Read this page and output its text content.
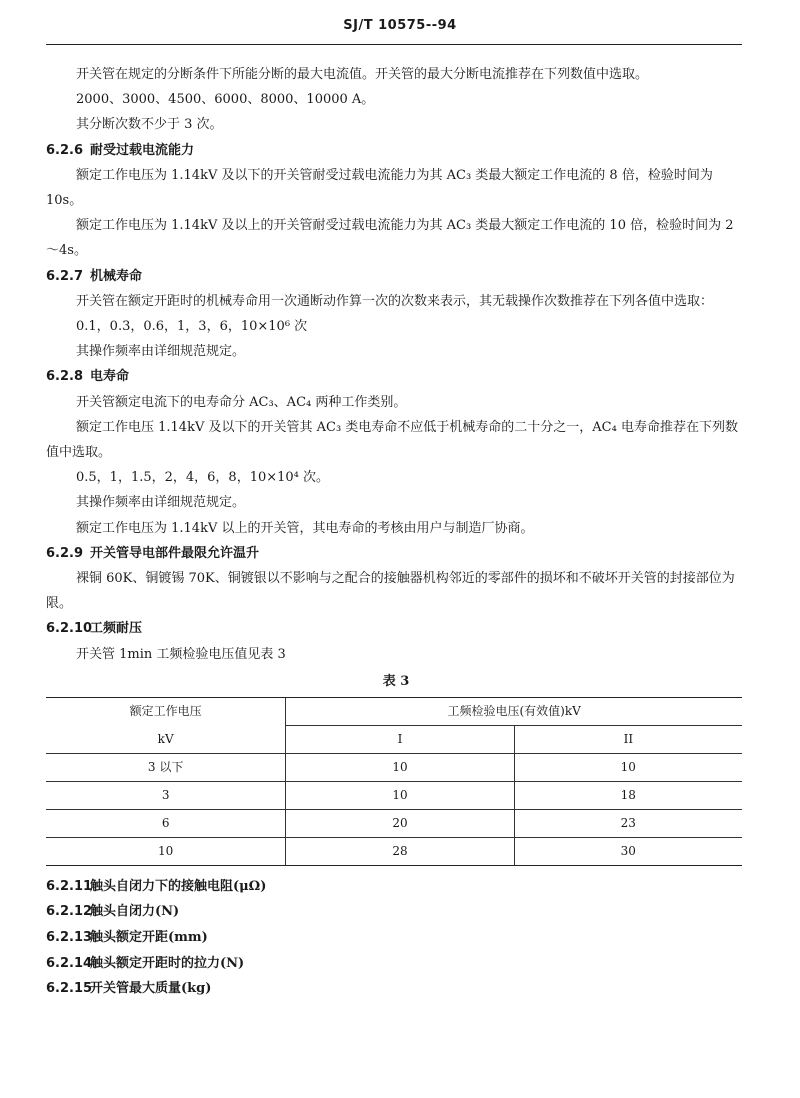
SJ/T 10575--94

开关管在规定的分断条件下所能分断的最大电流值。开关管的最大分断电流推荐在下列数值中选取。

2000、3000、4500、6000、8000、10000 A。

其分断次数不少于 3 次。

6.2.6 耐受过载电流能力

额定工作电压为 1.14kV 及以下的开关管耐受过载电流能力为其 AC₃ 类最大额定工作电流的 8 倍，检验时间为 10s。

额定工作电压为 1.14kV 及以上的开关管耐受过载电流能力为其 AC₃ 类最大额定工作电流的 10 倍，检验时间为 2～4s。

6.2.7 机械寿命

开关管在额定开距时的机械寿命用一次通断动作算一次的次数来表示，其无载操作次数推荐在下列各值中选取：

0.1，0.3，0.6，1，3，6，10×10⁶ 次

其操作频率由详细规范规定。

6.2.8 电寿命

开关管额定电流下的电寿命分 AC₃、AC₄ 两种工作类别。

额定工作电压 1.14kV 及以下的开关管其 AC₃ 类电寿命不应低于机械寿命的二十分之一，AC₄ 电寿命推荐在下列数值中选取。

0.5，1，1.5，2，4，6，8，10×10⁴ 次。

其操作频率由详细规范规定。

额定工作电压为 1.14kV 以上的开关管，其电寿命的考核由用户与制造厂协商。

6.2.9 开关管导电部件最限允许温升

裸铜 60K、铜镀锡 70K、铜镀银以不影响与之配合的接触器机构邻近的零部件的损坏和不破坏开关管的封接部位为限。

6.2.10工频耐压

开关管 1min 工频检验电压值见表 3

表 3
额定工作电压	工频检验电压(有效值)kV	
kV	I	II
3 以下	10	10
3	10	18
6	20	23
10	28	30

6.2.11触头自闭力下的接触电阻(μΩ)

6.2.12触头自闭力(N)

6.2.13触头额定开距(mm)

6.2.14触头额定开距时的拉力(N)

6.2.15开关管最大质量(kg)
